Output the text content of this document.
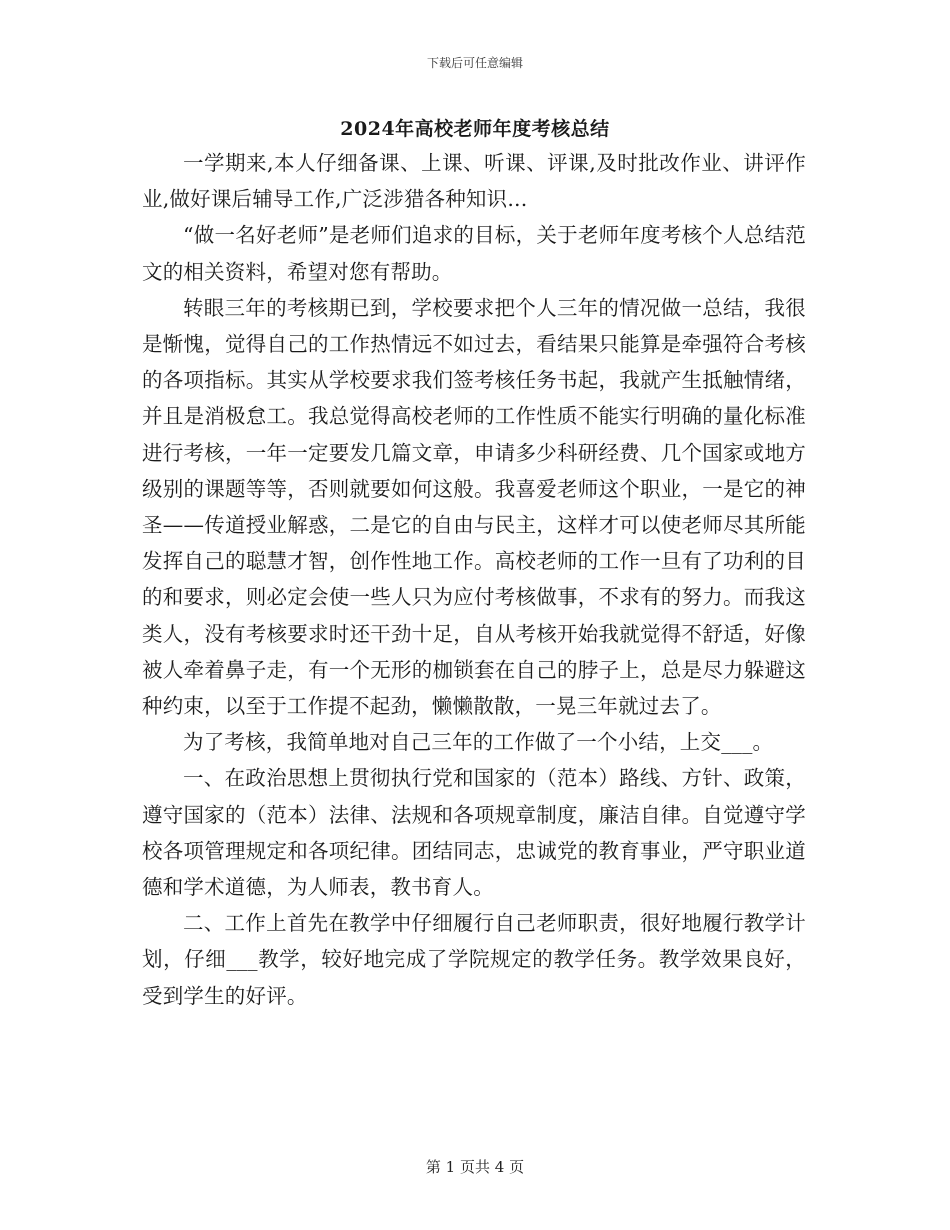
下载后可任意编辑
2024年高校老师年度考核总结

一学期来,本人仔细备课、上课、听课、评课,及时批改作业、讲评作业,做好课后辅导工作,广泛涉猎各种知识...

“做一名好老师”是老师们追求的目标，关于老师年度考核个人总结范文的相关资料，希望对您有帮助。

转眼三年的考核期已到，学校要求把个人三年的情况做一总结，我很是惭愧，觉得自己的工作热情远不如过去，看结果只能算是牵强符合考核的各项指标。其实从学校要求我们签考核任务书起，我就产生抵触情绪，并且是消极怠工。我总觉得高校老师的工作性质不能实行明确的量化标准进行考核，一年一定要发几篇文章，申请多少科研经费、几个国家或地方级别的课题等等，否则就要如何这般。我喜爱老师这个职业，一是它的神圣——传道授业解惑，二是它的自由与民主，这样才可以使老师尽其所能发挥自己的聪慧才智，创作性地工作。高校老师的工作一旦有了功利的目的和要求，则必定会使一些人只为应付考核做事，不求有的努力。而我这类人，没有考核要求时还干劲十足，自从考核开始我就觉得不舒适，好像被人牵着鼻子走，有一个无形的枷锁套在自己的脖子上，总是尽力躲避这种约束，以至于工作提不起劲，懒懒散散，一晃三年就过去了。

为了考核，我简单地对自己三年的工作做了一个小结，上交___。

一、在政治思想上贯彻执行党和国家的（范本）路线、方针、政策，遵守国家的（范本）法律、法规和各项规章制度，廉洁自律。自觉遵守学校各项管理规定和各项纪律。团结同志，忠诚党的教育事业，严守职业道德和学术道德，为人师表，教书育人。

二、工作上首先在教学中仔细履行自己老师职责，很好地履行教学计划，仔细___教学，较好地完成了学院规定的教学任务。教学效果良好，受到学生的好评。

第 1 页共 4 页
